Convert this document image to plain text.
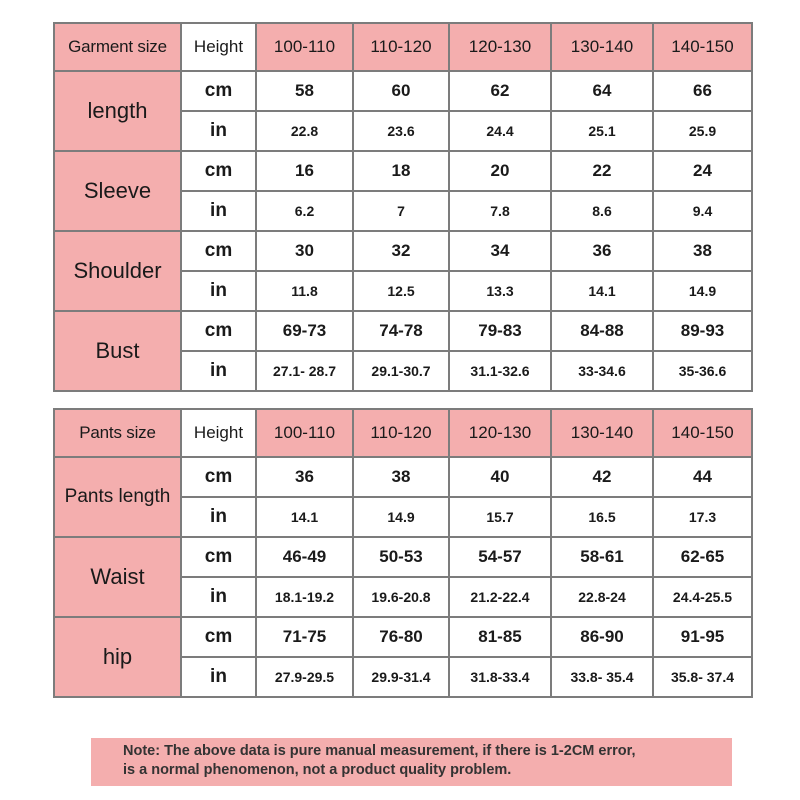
Garment size	Height	100-110	110-120	120-130	130-140	140-150
length	cm	58	60	62	64	66
	in	22.8	23.6	24.4	25.1	25.9
Sleeve	cm	16	18	20	22	24
	in	6.2	7	7.8	8.6	9.4
Shoulder	cm	30	32	34	36	38
	in	11.8	12.5	13.3	14.1	14.9
Bust	cm	69-73	74-78	79-83	84-88	89-93
	in	27.1- 28.7	29.1-30.7	31.1-32.6	33-34.6	35-36.6
Pants size	Height	100-110	110-120	120-130	130-140	140-150
Pants length	cm	36	38	40	42	44
	in	14.1	14.9	15.7	16.5	17.3
Waist	cm	46-49	50-53	54-57	58-61	62-65
	in	18.1-19.2	19.6-20.8	21.2-22.4	22.8-24	24.4-25.5
hip	cm	71-75	76-80	81-85	86-90	91-95
	in	27.9-29.5	29.9-31.4	31.8-33.4	33.8- 35.4	35.8- 37.4
Note: The above data is pure manual measurement, if there is 1-2CM error,
is a normal phenomenon, not a product quality problem.
